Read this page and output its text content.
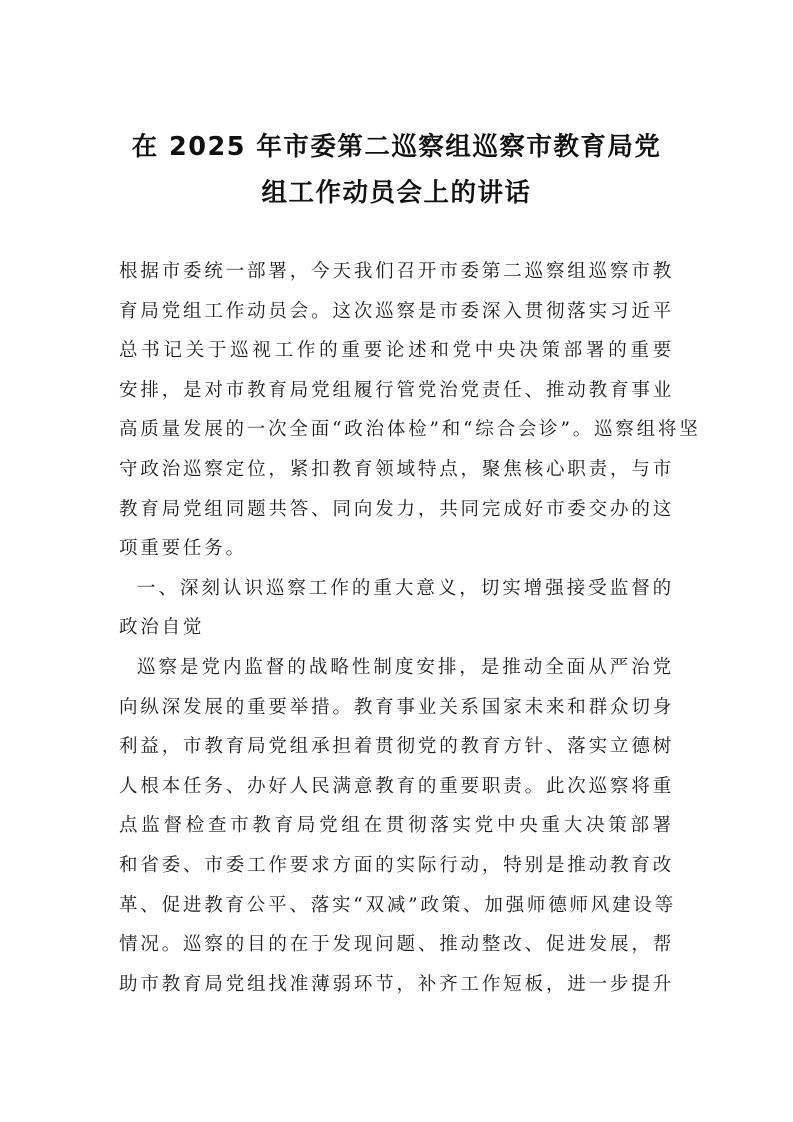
在 2025 年市委第二巡察组巡察市教育局党
组工作动员会上的讲话

根据市委统一部署，今天我们召开市委第二巡察组巡察市教
育局党组工作动员会。这次巡察是市委深入贯彻落实习近平
总书记关于巡视工作的重要论述和党中央决策部署的重要
安排，是对市教育局党组履行管党治党责任、推动教育事业
高质量发展的一次全面“政治体检”和“综合会诊”。巡察组将坚
守政治巡察定位，紧扣教育领域特点，聚焦核心职责，与市
教育局党组同题共答、同向发力，共同完成好市委交办的这
项重要任务。

一、深刻认识巡察工作的重大意义，切实增强接受监督的
政治自觉

巡察是党内监督的战略性制度安排，是推动全面从严治党
向纵深发展的重要举措。教育事业关系国家未来和群众切身
利益，市教育局党组承担着贯彻党的教育方针、落实立德树
人根本任务、办好人民满意教育的重要职责。此次巡察将重
点监督检查市教育局党组在贯彻落实党中央重大决策部署
和省委、市委工作要求方面的实际行动，特别是推动教育改
革、促进教育公平、落实“双减”政策、加强师德师风建设等
情况。巡察的目的在于发现问题、推动整改、促进发展，帮
助市教育局党组找准薄弱环节，补齐工作短板，进一步提升
